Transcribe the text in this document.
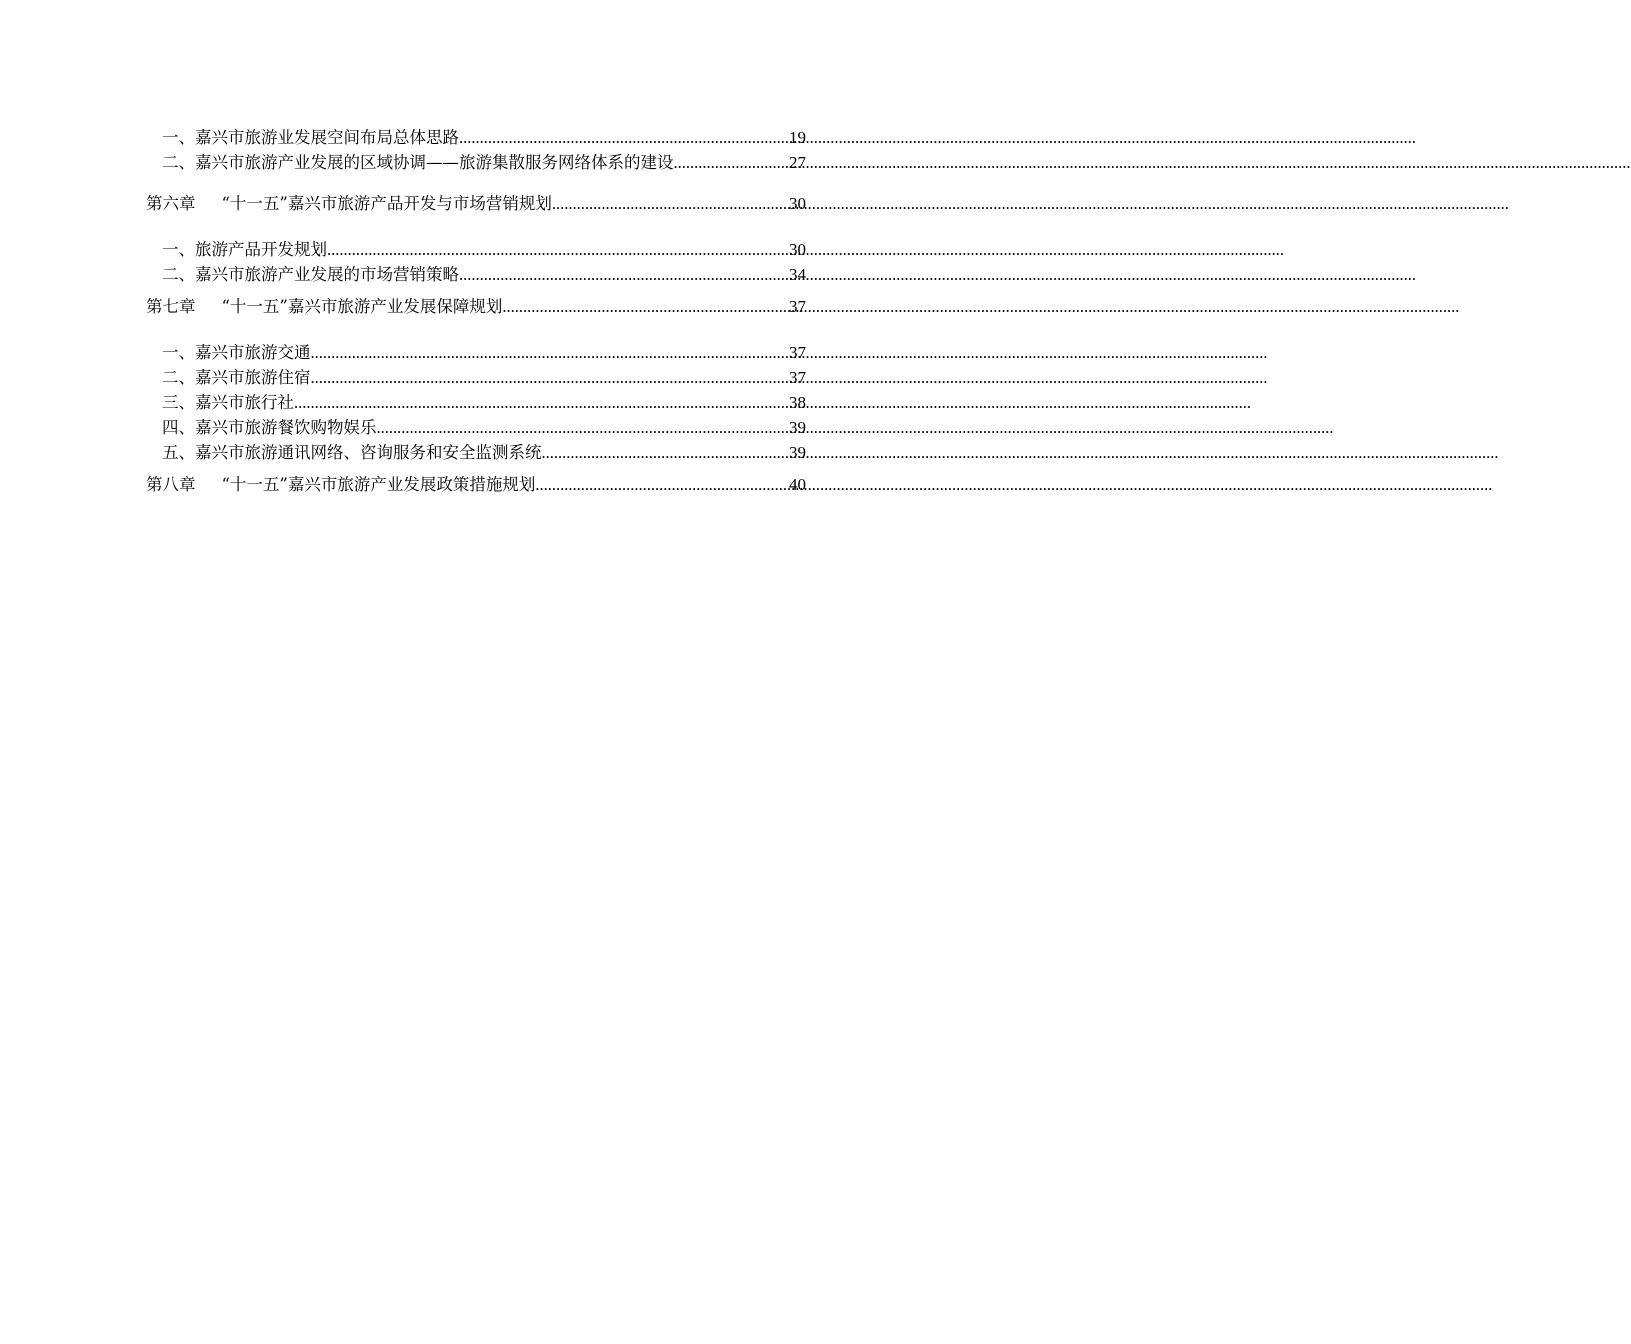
一、嘉兴市旅游业发展空间布局总体思路 .....	19
二、嘉兴市旅游产业发展的区域协调——旅游集散服务网络体系的建设 .....	27
第六章 “十一五”嘉兴市旅游产品开发与市场营销规划 .....	30
一、旅游产品开发规划 .....	30
二、嘉兴市旅游产业发展的市场营销策略 .....	34
第七章 “十一五”嘉兴市旅游产业发展保障规划 .....	37
一、嘉兴市旅游交通 .....	37
二、嘉兴市旅游住宿 .....	37
三、嘉兴市旅行社 .....	38
四、嘉兴市旅游餐饮购物娱乐 .....	39
五、嘉兴市旅游通讯网络、咨询服务和安全监测系统 .....	39
第八章 “十一五”嘉兴市旅游产业发展政策措施规划 .....	40
